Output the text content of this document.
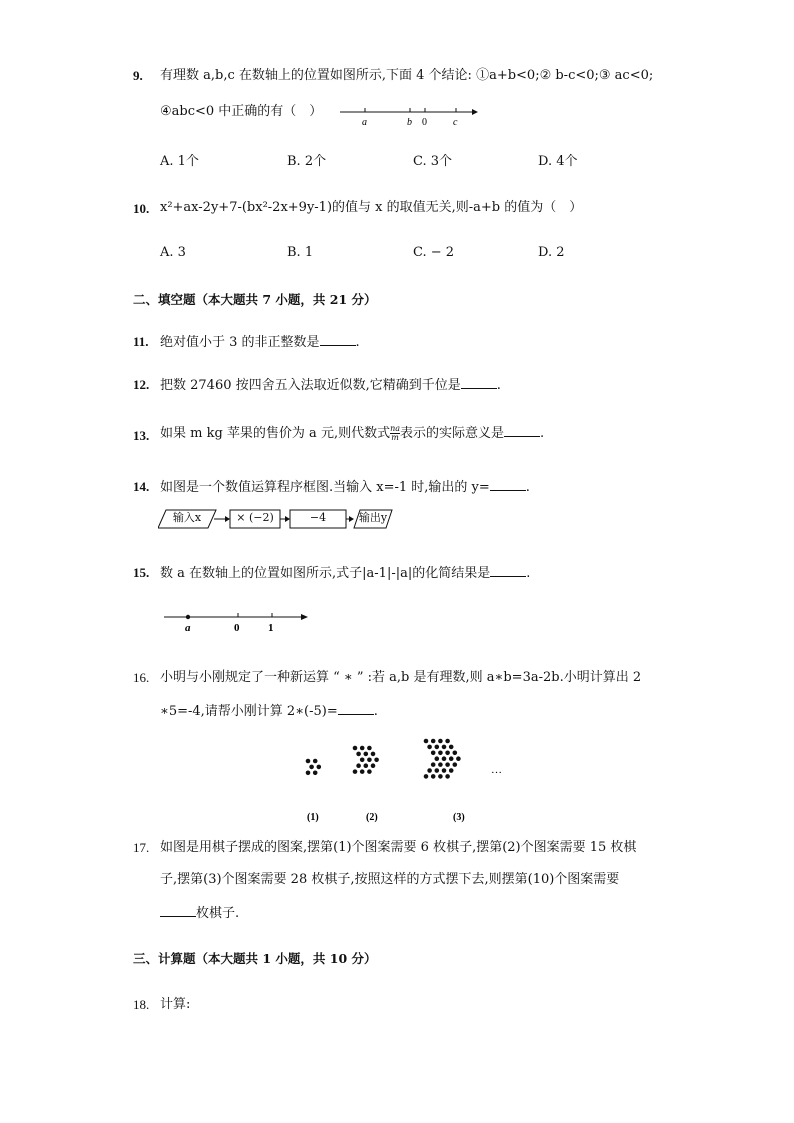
9. 有理数 a,b,c 在数轴上的位置如图所示,下面 4 个结论: ①a+b<0;② b-c<0;③ ac<0;
④abc<0 中正确的有（　）
a	b 0	c
A. 1个	B. 2个	C. 3个	D. 4个
10. x²+ax-2y+7-(bx²-2x+9y-1)的值与 x 的取值无关,则-a+b 的值为（　）
A. 3	B. 1	C. − 2	D. 2
二、填空题（本大题共 7 小题，共 21 分）
11. 绝对值小于 3 的非正整数是	.
12. 把数 27460 按四舍五入法取近似数,它精确到千位是	.
13. 如果 m kg 苹果的售价为 a 元,则代数式 $\frac{na}{m}$ 表示的实际意义是	.
14. 如图是一个数值运算程序框图.当输入 x=-1 时,输出的 y=	.
输入x	× (−2)	−4	输出y
15. 数 a 在数轴上的位置如图所示,式子|a-1|-|a|的化简结果是	.
a	0	1
16. 小明与小刚规定了一种新运算 “ ∗ ” :若 a,b 是有理数,则 a∗b=3a-2b.小明计算出 2
∗5=-4,请帮小刚计算 2∗(-5)=	.
(1)	(2)	(3)
…
17. 如图是用棋子摆成的图案,摆第(1)个图案需要 6 枚棋子,摆第(2)个图案需要 15 枚棋
子,摆第(3)个图案需要 28 枚棋子,按照这样的方式摆下去,则摆第(10)个图案需要
枚棋子.
三、计算题（本大题共 1 小题，共 10 分）
18. 计算:
